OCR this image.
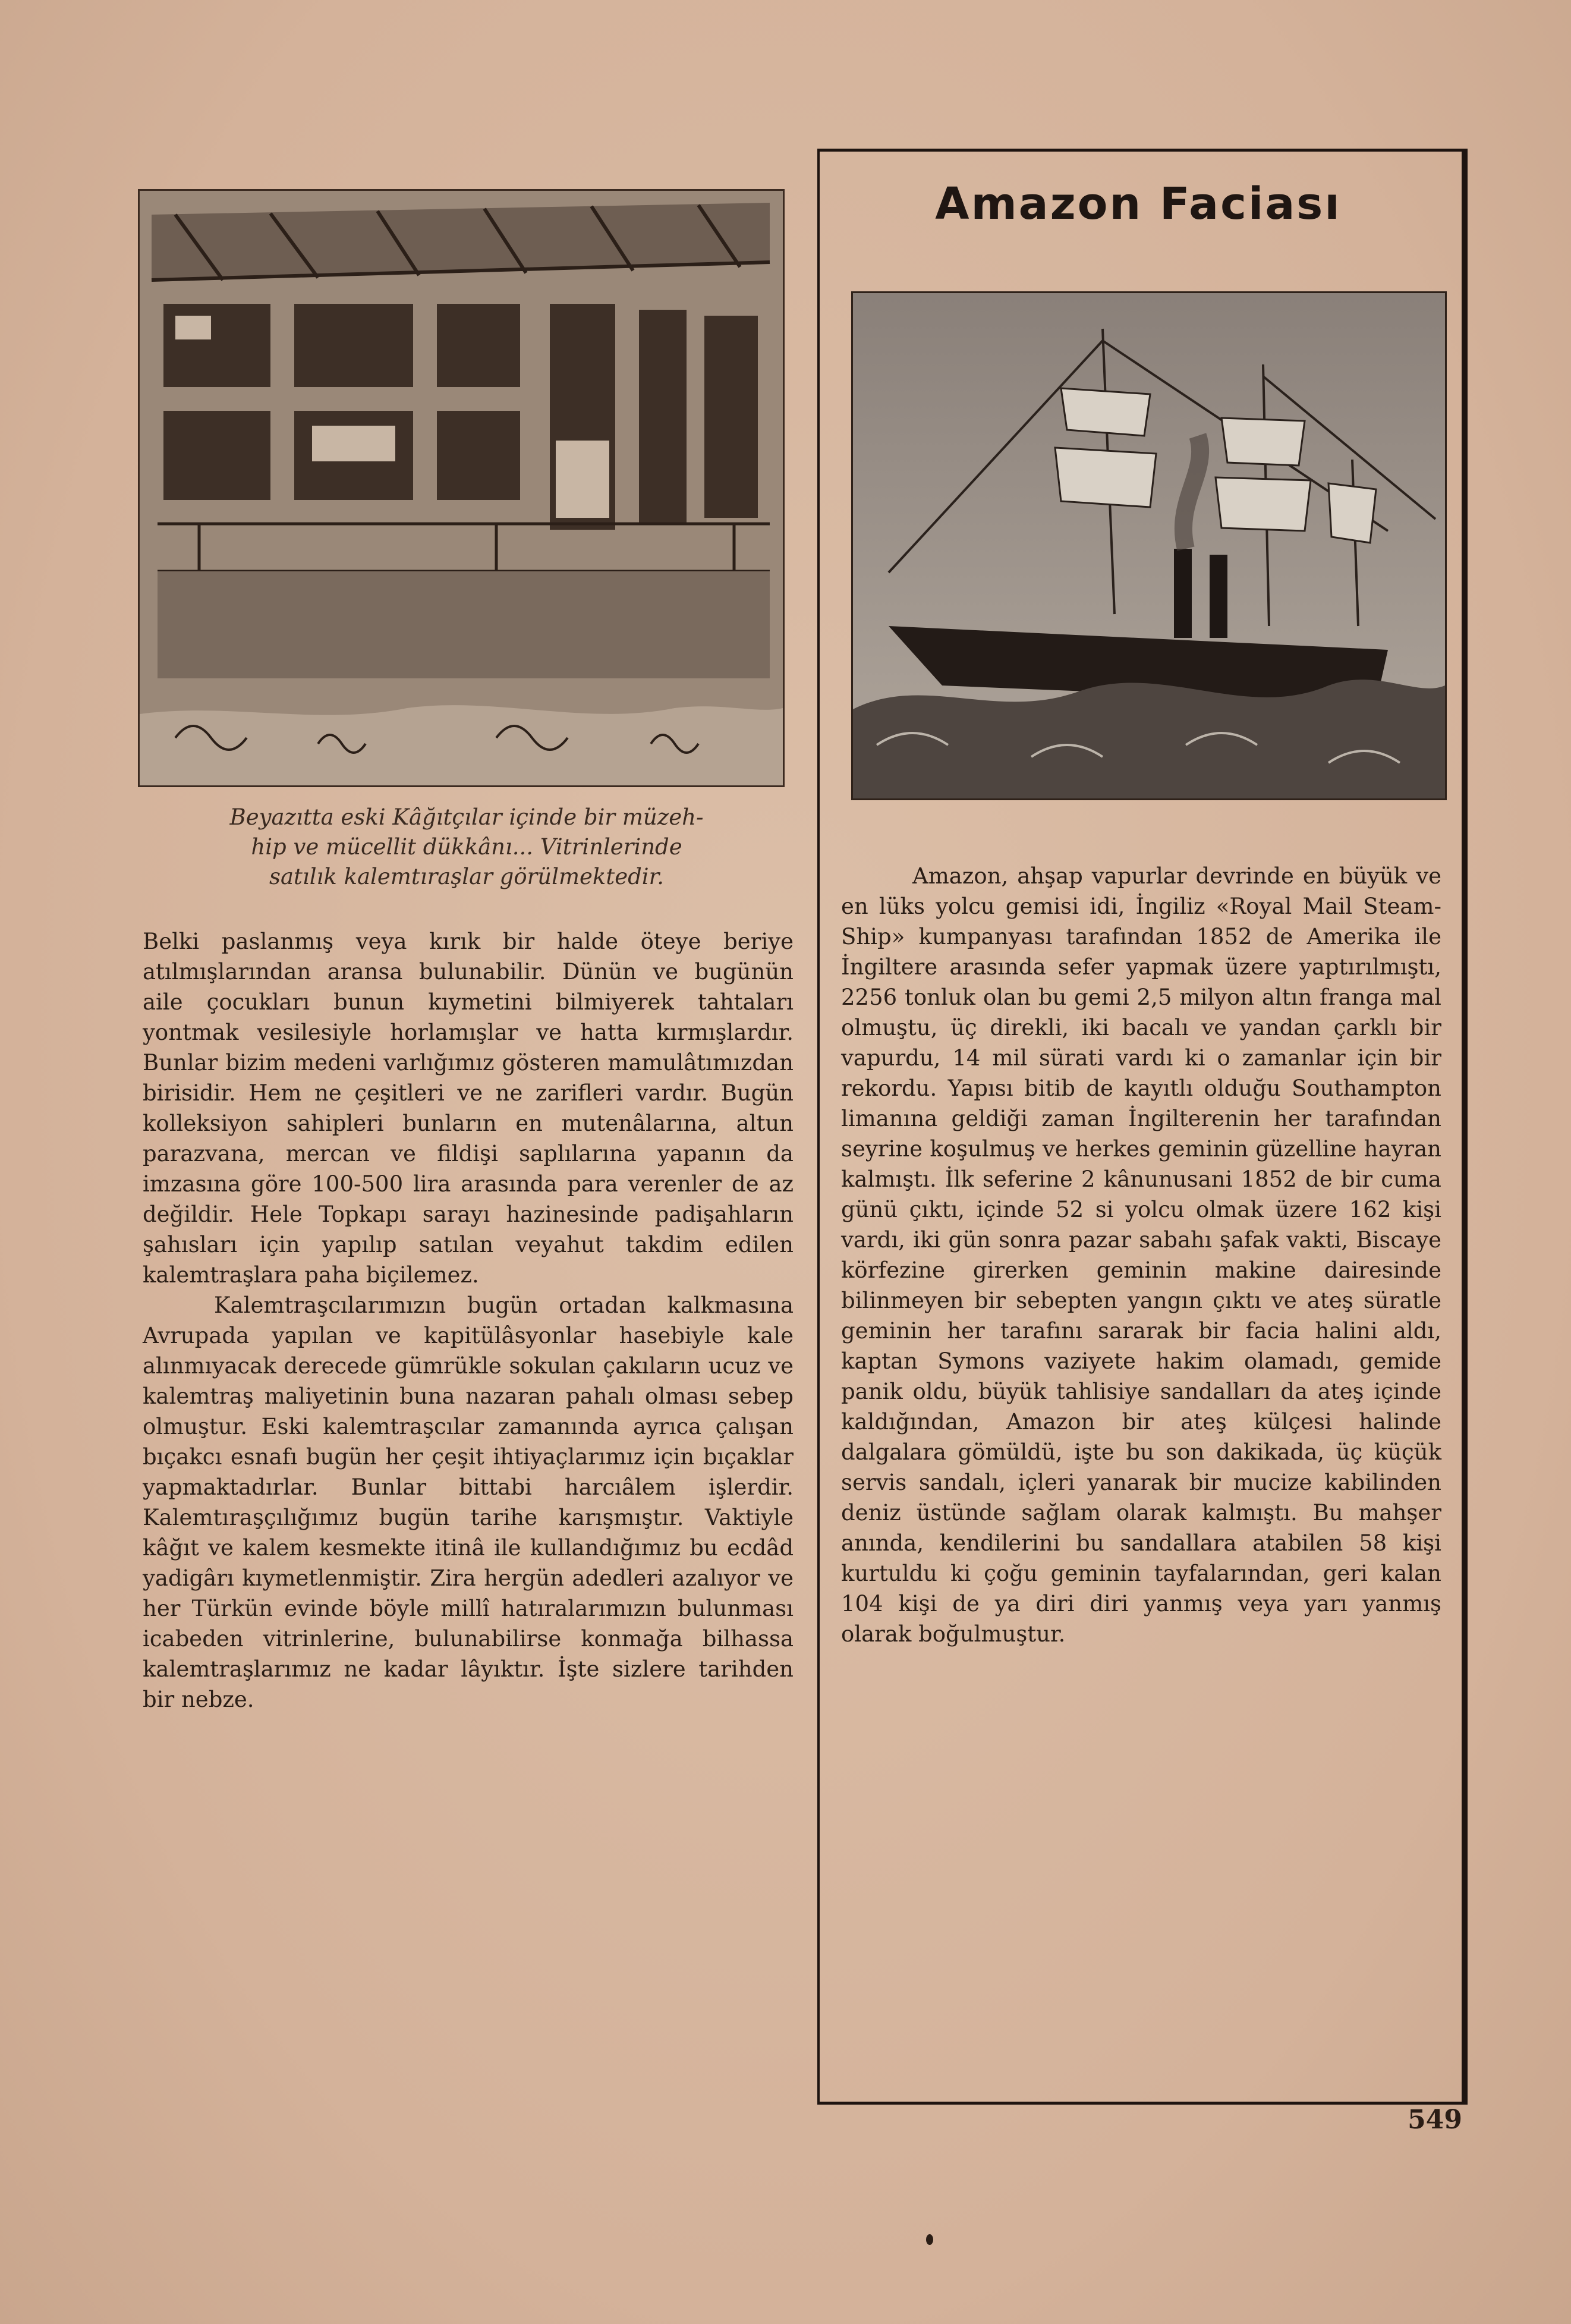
Beyazıtta eski Kâğıtçılar içinde bir müzeh-
hip ve mücellit dükkânı... Vitrinlerinde
satılık kalemtıraşlar görülmektedir.

Belki paslanmış veya kırık bir halde öteye beriye atılmışlarından aransa bulunabilir. Dünün ve bugünün aile çocukları bunun kıymetini bilmiyerek tahtaları yontmak vesilesiyle horlamışlar ve hatta kırmışlardır. Bunlar bizim medeni varlığımız gösteren mamulâtımızdan birisidir. Hem ne çeşitleri ve ne zarifleri vardır. Bugün kolleksiyon sahipleri bunların en mutenâlarına, altun parazvana, mercan ve fildişi saplılarına yapanın da imzasına göre 100-500 lira arasında para verenler de az değildir. Hele Topkapı sarayı hazinesinde padişahların şahısları için yapılıp satılan veyahut takdim edilen kalemtraşlara paha biçilemez.

Kalemtraşcılarımızın bugün ortadan kalkmasına Avrupada yapılan ve kapitülâsyonlar hasebiyle kale alınmıyacak derecede gümrükle sokulan çakıların ucuz ve kalemtraş maliyetinin buna nazaran pahalı olması sebep olmuştur. Eski kalemtraşcılar zamanında ayrıca çalışan bıçakcı esnafı bugün her çeşit ihtiyaçlarımız için bıçaklar yapmaktadırlar. Bunlar bittabi harcıâlem işlerdir. Kalemtıraşçılığımız bugün tarihe karışmıştır. Vaktiyle kâğıt ve kalem kesmekte itinâ ile kullandığımız bu ecdâd yadigârı kıymetlenmiştir. Zira hergün adedleri azalıyor ve her Türkün evinde böyle millî hatıralarımızın bulunması icabeden vitrinlerine, bulunabilirse konmağa bilhassa kalemtraşlarımız ne kadar lâyıktır. İşte sizlere tarihden bir nebze.

Amazon Faciası

Amazon, ahşap vapurlar devrinde en büyük ve en lüks yolcu gemisi idi, İngiliz «Royal Mail Steam-Ship» kumpanyası tarafından 1852 de Amerika ile İngiltere arasında sefer yapmak üzere yaptırılmıştı, 2256 tonluk olan bu gemi 2,5 milyon altın franga mal olmuştu, üç direkli, iki bacalı ve yandan çarklı bir vapurdu, 14 mil sürati vardı ki o zamanlar için bir rekordu. Yapısı bitib de kayıtlı olduğu Southampton limanına geldiği zaman İngilterenin her tarafından seyrine koşulmuş ve herkes geminin güzelline hayran kalmıştı. İlk seferine 2 kânunusani 1852 de bir cuma günü çıktı, içinde 52 si yolcu olmak üzere 162 kişi vardı, iki gün sonra pazar sabahı şafak vakti, Biscaye körfezine girerken geminin makine dairesinde bilinmeyen bir sebepten yangın çıktı ve ateş süratle geminin her tarafını sararak bir facia halini aldı, kaptan Symons vaziyete hakim olamadı, gemide panik oldu, büyük tahlisiye sandalları da ateş içinde kaldığından, Amazon bir ateş külçesi halinde dalgalara gömüldü, işte bu son dakikada, üç küçük servis sandalı, içleri yanarak bir mucize kabilinden deniz üstünde sağlam olarak kalmıştı. Bu mahşer anında, kendilerini bu sandallara atabilen 58 kişi kurtuldu ki çoğu geminin tayfalarından, geri kalan 104 kişi de ya diri diri yanmış veya yarı yanmış olarak boğulmuştur.

549
